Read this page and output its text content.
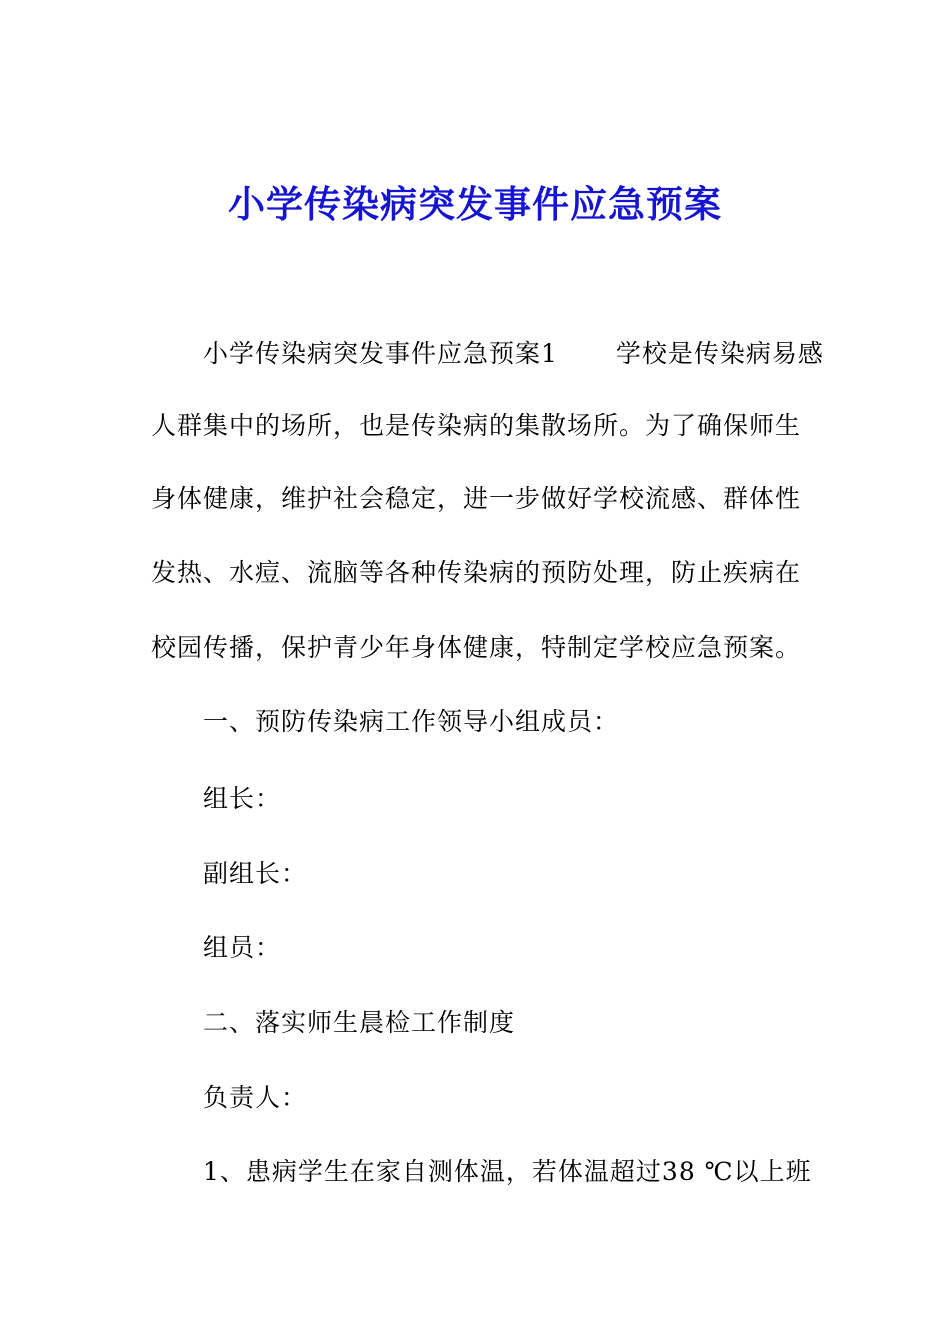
小学传染病突发事件应急预案
小学传染病突发事件应急预案1 学校是传染病易感
人群集中的场所，也是传染病的集散场所。为了确保师生
身体健康，维护社会稳定，进一步做好学校流感、群体性
发热、水痘、流脑等各种传染病的预防处理，防止疾病在
校园传播，保护青少年身体健康，特制定学校应急预案。
一、预防传染病工作领导小组成员：
组长：
副组长：
组员：
二、落实师生晨检工作制度
负责人：
1、患病学生在家自测体温，若体温超过38 ℃以上班
